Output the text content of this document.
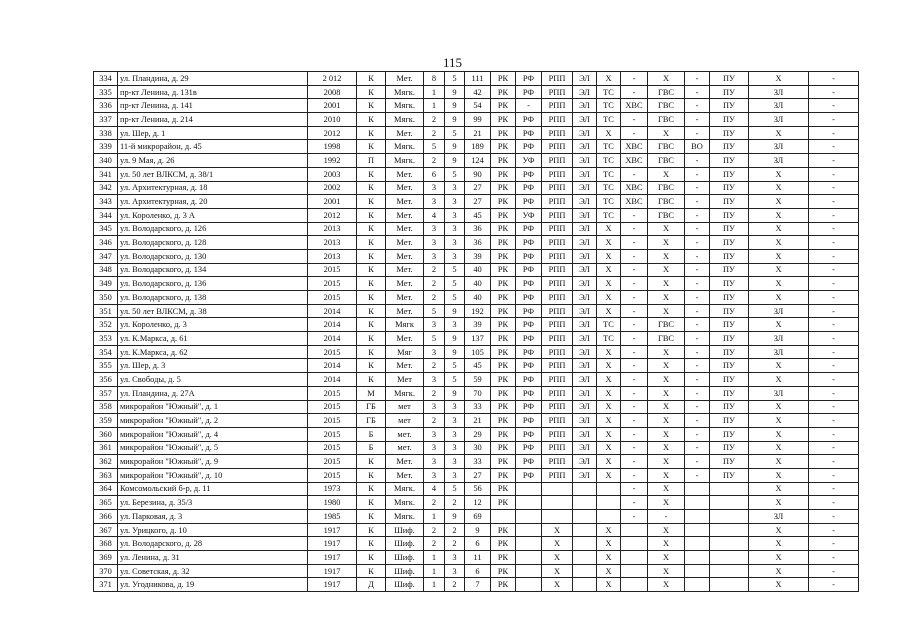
115
334	ул. Пландина, д. 29	2 012	К	Мет.	8	5	111	РК	РФ	РПП	ЭЛ	Х	-	Х	-	ПУ	Х	-
335	пр-кт Ленина, д. 131в	2008	К	Мягк.	1	9	42	РК	РФ	РПП	ЭЛ	ТС	-	ГВС	-	ПУ	ЗЛ	-
336	пр-кт Ленина, д. 141	2001	К	Мягк.	1	9	54	РК	-	РПП	ЭЛ	ТС	ХВС	ГВС	-	ПУ	ЗЛ	-
337	пр-кт Ленина, д. 214	2010	К	Мягк.	2	9	99	РК	РФ	РПП	ЭЛ	ТС	-	ГВС	-	ПУ	ЗЛ	-
338	ул. Шер, д. 1	2012	К	Мет.	2	5	21	РК	РФ	РПП	ЭЛ	Х	-	Х	-	ПУ	Х	-
339	11-й микрорайон, д. 45	1998	К	Мягк.	5	9	189	РК	РФ	РПП	ЭЛ	ТС	ХВС	ГВС	ВО	ПУ	ЗЛ	-
340	ул. 9 Мая, д. 26	1992	П	Мягк.	2	9	124	РК	УФ	РПП	ЭЛ	ТС	ХВС	ГВС	-	ПУ	ЗЛ	-
341	ул. 50 лет ВЛКСМ, д. 38/1	2003	К	Мет.	6	5	90	РК	РФ	РПП	ЭЛ	ТС	-	Х	-	ПУ	Х	-
342	ул. Архитектурная, д. 18	2002	К	Мет.	3	3	27	РК	РФ	РПП	ЭЛ	ТС	ХВС	ГВС	-	ПУ	Х	-
343	ул. Архитектурная, д. 20	2001	К	Мет.	3	3	27	РК	РФ	РПП	ЭЛ	ТС	ХВС	ГВС	-	ПУ	Х	-
344	ул. Короленко, д. 3 А	2012	К	Мет.	4	3	45	РК	УФ	РПП	ЭЛ	ТС	-	ГВС	-	ПУ	Х	-
345	ул. Володарского, д. 126	2013	К	Мет.	3	3	36	РК	РФ	РПП	ЭЛ	Х	-	Х	-	ПУ	Х	-
346	ул. Володарского, д. 128	2013	К	Мет.	3	3	36	РК	РФ	РПП	ЭЛ	Х	-	Х	-	ПУ	Х	-
347	ул. Володарского, д. 130	2013	К	Мет.	3	3	39	РК	РФ	РПП	ЭЛ	Х	-	Х	-	ПУ	Х	-
348	ул. Володарского, д. 134	2015	К	Мет.	2	5	40	РК	РФ	РПП	ЭЛ	Х	-	Х	-	ПУ	Х	-
349	ул. Володарского, д. 136	2015	К	Мет.	2	5	40	РК	РФ	РПП	ЭЛ	Х	-	Х	-	ПУ	Х	-
350	ул. Володарского, д. 138	2015	К	Мет.	2	5	40	РК	РФ	РПП	ЭЛ	Х	-	Х	-	ПУ	Х	-
351	ул. 50 лет ВЛКСМ, д. 38	2014	К	Мет.	5	9	192	РК	РФ	РПП	ЭЛ	Х	-	Х	-	ПУ	ЗЛ	-
352	ул. Короленко, д. 3	2014	К	Мягк	3	3	39	РК	РФ	РПП	ЭЛ	ТС	-	ГВС	-	ПУ	Х	-
353	ул. К.Маркса, д. 61	2014	К	Мет.	5	9	137	РК	РФ	РПП	ЭЛ	ТС	-	ГВС	-	ПУ	ЗЛ	-
354	ул. К.Маркса, д. 62	2015	К	Мяг	3	9	105	РК	РФ	РПП	ЭЛ	Х	-	Х	-	ПУ	ЗЛ	-
355	ул. Шер, д. 3	2014	К	Мет.	2	5	45	РК	РФ	РПП	ЭЛ	Х	-	Х	-	ПУ	Х	-
356	ул. Свободы, д. 5	2014	К	Мет	3	5	59	РК	РФ	РПП	ЭЛ	Х	-	Х	-	ПУ	Х	-
357	ул. Пландина, д. 27А	2015	М	Мягк.	2	9	70	РК	РФ	РПП	ЭЛ	Х	-	Х	-	ПУ	ЗЛ	-
358	микрорайон "Южный", д. 1	2015	ГБ	мет	3	3	33	РК	РФ	РПП	ЭЛ	Х	-	Х	-	ПУ	Х	-
359	микрорайон "Южный", д. 2	2015	ГБ	мет	2	3	21	РК	РФ	РПП	ЭЛ	Х	-	Х	-	ПУ	Х	-
360	микрорайон "Южный", д. 4	2015	Б	мет.	3	3	29	РК	РФ	РПП	ЭЛ	Х	-	Х	-	ПУ	Х	-
361	микрорайон "Южный", д. 5	2015	Б	мет.	3	3	30	РК	РФ	РПП	ЭЛ	Х	-	Х	-	ПУ	Х	-
362	микрорайон "Южный", д. 9	2015	К	Мет.	3	3	33	РК	РФ	РПП	ЭЛ	Х	-	Х	-	ПУ	Х	-
363	микрорайон "Южный", д. 10	2015	К	Мет.	3	3	27	РК	РФ	РПП	ЭЛ	Х	-	Х	-	ПУ	Х	-
364	Комсомольский б-р, д. 11	1973	К	Мягк.	4	5	56	РК					-	Х			Х	-
365	ул. Березина, д. 35/3	1980	К	Мягк.	2	2	12	РК					-	Х			Х	-
366	ул. Парковая, д. 3	1985	К	Мягк.	1	9	69						-	-			ЗЛ	-
367	ул. Урицкого, д. 10	1917	К	Шиф.	2	2	9	РК		Х		Х		Х			Х	-
368	ул. Володарского, д. 28	1917	К	Шиф.	2	2	6	РК		Х		Х		Х			Х	-
369	ул. Ленина, д. 31	1917	К	Шиф.	1	3	11	РК		Х		Х		Х			Х	-
370	ул. Советская, д. 32	1917	К	Шиф.	1	3	6	РК		Х		Х		Х			Х	-
371	ул. Угодникова, д. 19	1917	Д	Шиф.	1	2	7	РК		Х		Х		Х			Х	-
